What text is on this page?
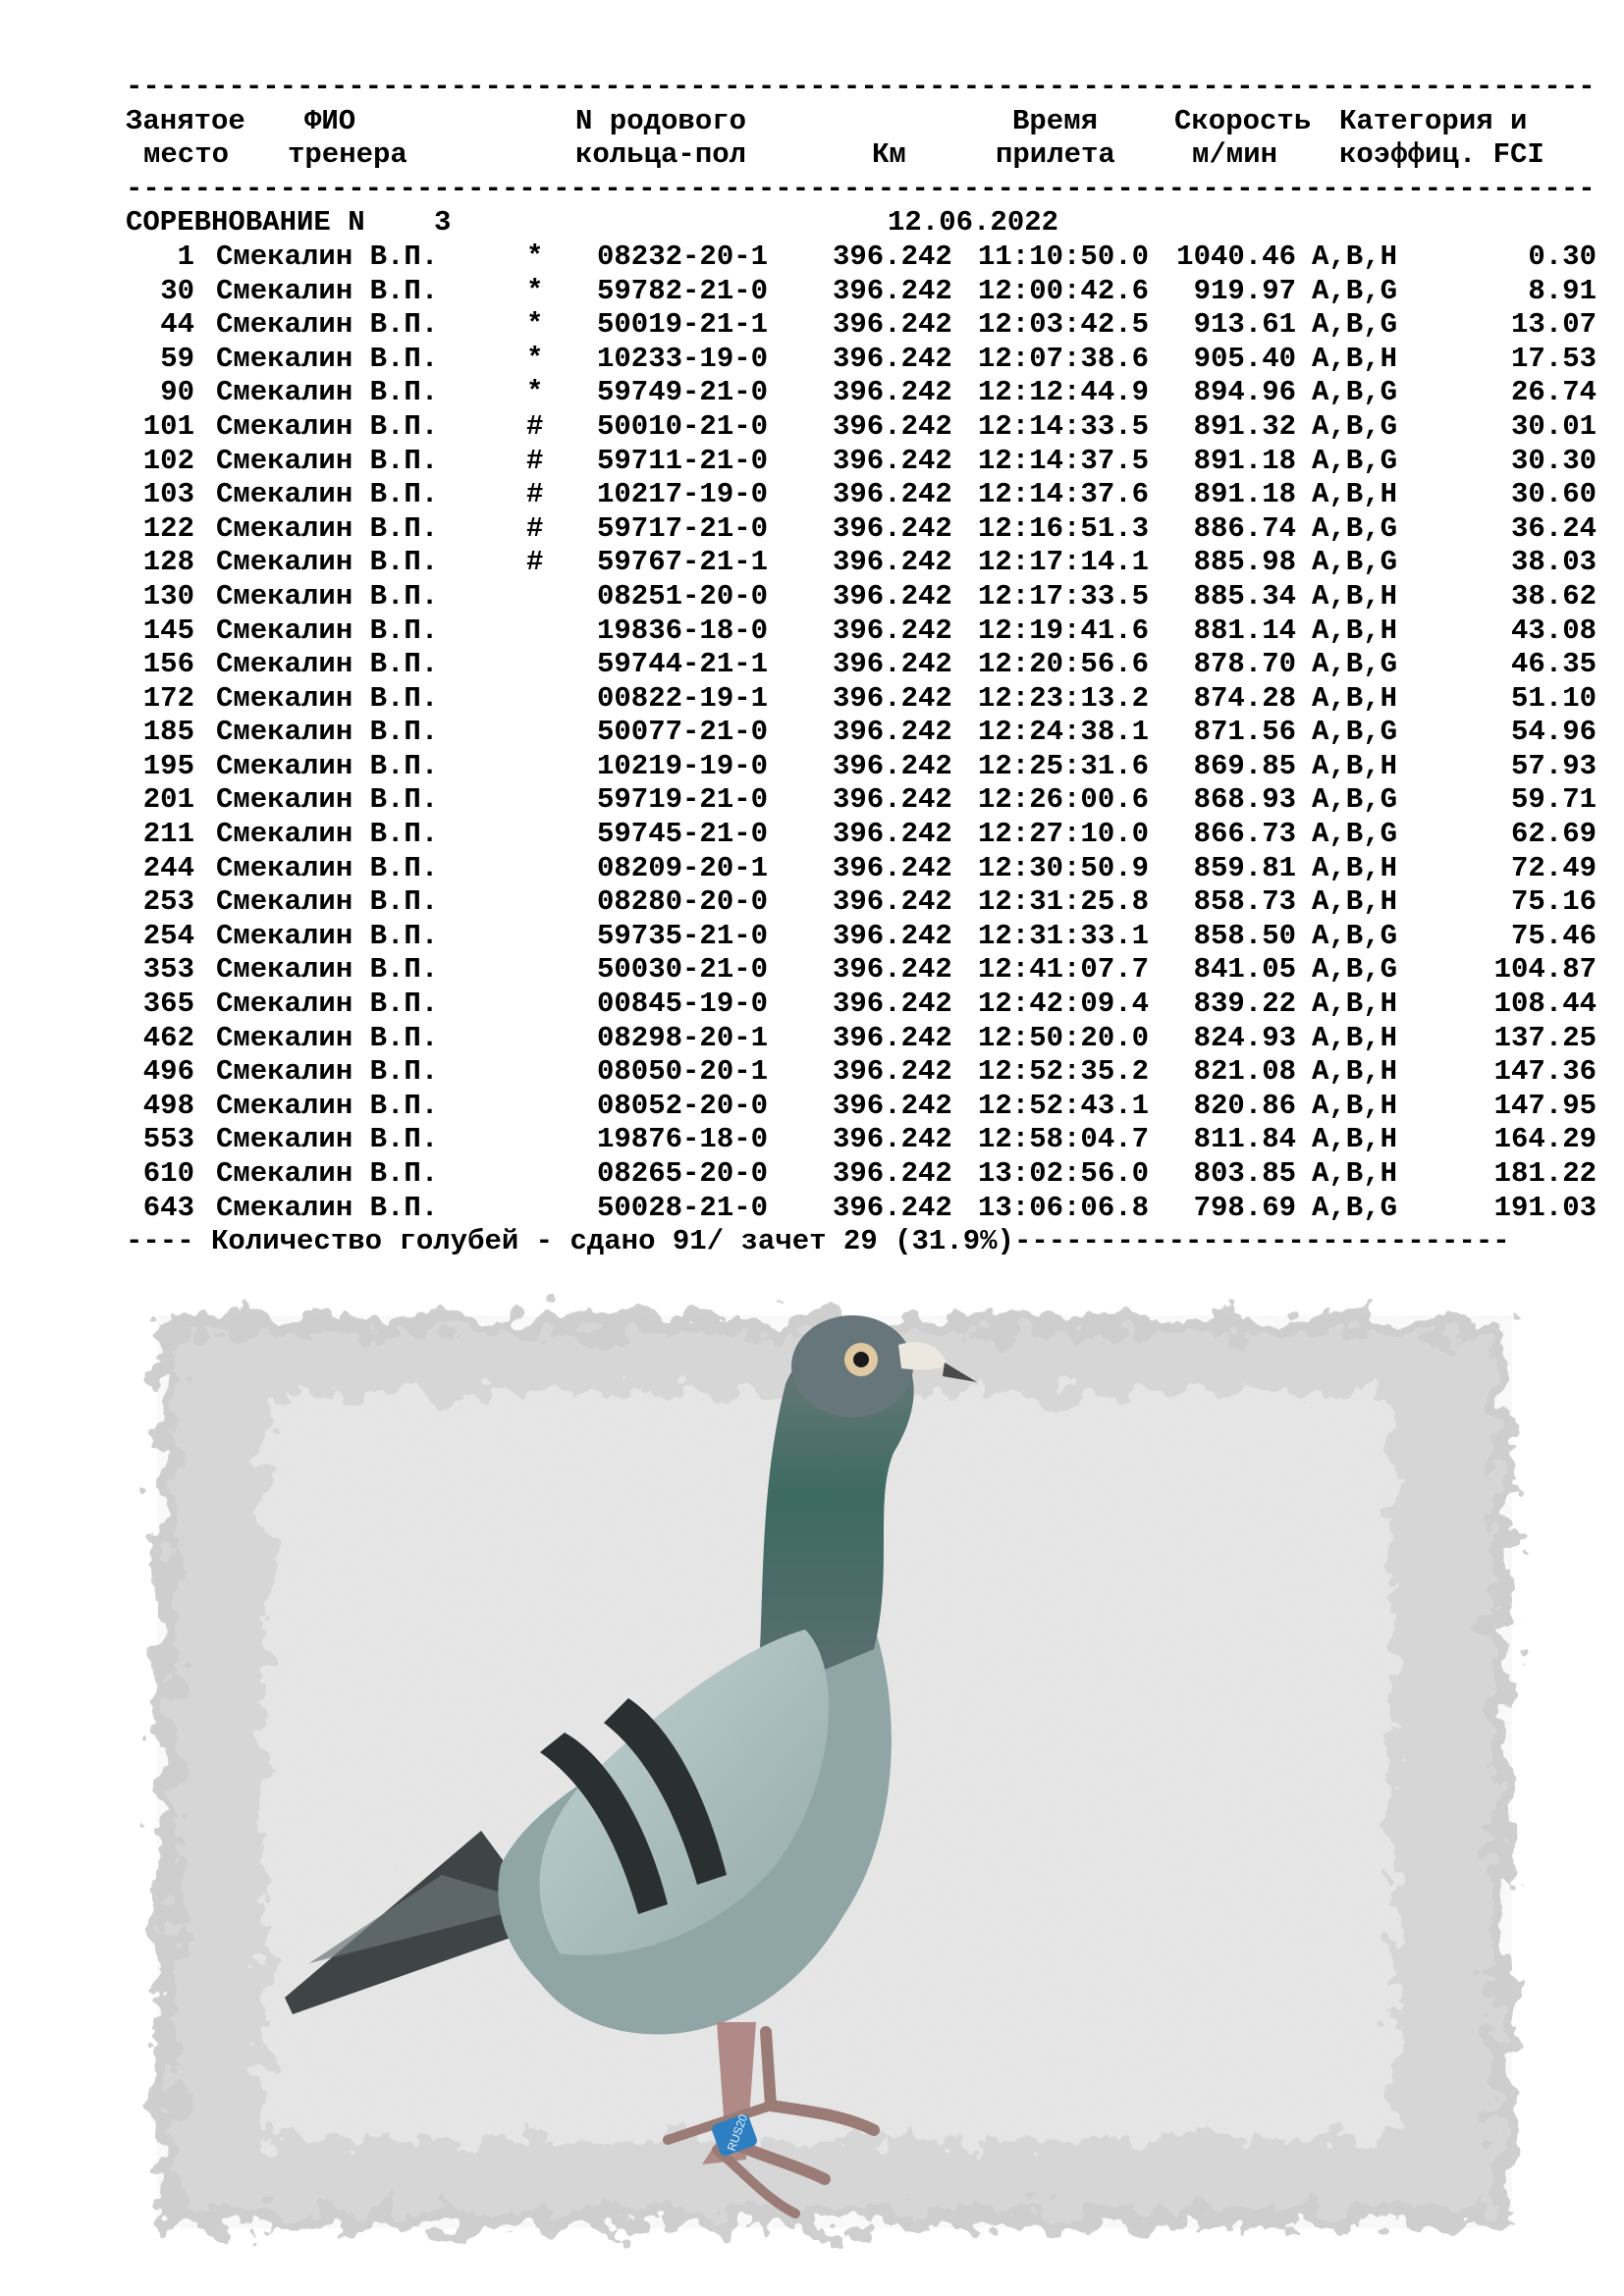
--------------------------------------------------------------------------------------
Занятое ФИО	N родового	Время	Скорость Категория и
место тренера	кольца-пол	Км	прилета	м/мин коэффиц. FCI
--------------------------------------------------------------------------------------
СОРЕВНОВАНИЕ N 3	12.06.2022
1 Смекалин В.П.	* 08232-20-1 396.242 11:10:50.0 1040.46 A,B,H	0.30
30 Смекалин В.П.	* 59782-21-0 396.242 12:00:42.6 919.97 A,B,G	8.91
44 Смекалин В.П.	* 50019-21-1 396.242 12:03:42.5 913.61 A,B,G	13.07
59 Смекалин В.П.	* 10233-19-0 396.242 12:07:38.6 905.40 A,B,H	17.53
90 Смекалин В.П.	* 59749-21-0 396.242 12:12:44.9 894.96 A,B,G	26.74
101 Смекалин В.П.	# 50010-21-0 396.242 12:14:33.5 891.32 A,B,G	30.01
102 Смекалин В.П.	# 59711-21-0 396.242 12:14:37.5 891.18 A,B,G	30.30
103 Смекалин В.П.	# 10217-19-0 396.242 12:14:37.6 891.18 A,B,H	30.60
122 Смекалин В.П.	# 59717-21-0 396.242 12:16:51.3 886.74 A,B,G	36.24
128 Смекалин В.П.	# 59767-21-1 396.242 12:17:14.1 885.98 A,B,G	38.03
130 Смекалин В.П.	08251-20-0 396.242 12:17:33.5 885.34 A,B,H	38.62
145 Смекалин В.П.	19836-18-0 396.242 12:19:41.6 881.14 A,B,H	43.08
156 Смекалин В.П.	59744-21-1 396.242 12:20:56.6 878.70 A,B,G	46.35
172 Смекалин В.П.	00822-19-1 396.242 12:23:13.2 874.28 A,B,H	51.10
185 Смекалин В.П.	50077-21-0 396.242 12:24:38.1 871.56 A,B,G	54.96
195 Смекалин В.П.	10219-19-0 396.242 12:25:31.6 869.85 A,B,H	57.93
201 Смекалин В.П.	59719-21-0 396.242 12:26:00.6 868.93 A,B,G	59.71
211 Смекалин В.П.	59745-21-0 396.242 12:27:10.0 866.73 A,B,G	62.69
244 Смекалин В.П.	08209-20-1 396.242 12:30:50.9 859.81 A,B,H	72.49
253 Смекалин В.П.	08280-20-0 396.242 12:31:25.8 858.73 A,B,H	75.16
254 Смекалин В.П.	59735-21-0 396.242 12:31:33.1 858.50 A,B,G	75.46
353 Смекалин В.П.	50030-21-0 396.242 12:41:07.7 841.05 A,B,G	104.87
365 Смекалин В.П.	00845-19-0 396.242 12:42:09.4 839.22 A,B,H	108.44
462 Смекалин В.П.	08298-20-1 396.242 12:50:20.0 824.93 A,B,H	137.25
496 Смекалин В.П.	08050-20-1 396.242 12:52:35.2 821.08 A,B,H	147.36
498 Смекалин В.П.	08052-20-0 396.242 12:52:43.1 820.86 A,B,H	147.95
553 Смекалин В.П.	19876-18-0 396.242 12:58:04.7 811.84 A,B,H	164.29
610 Смекалин В.П.	08265-20-0 396.242 13:02:56.0 803.85 A,B,H	181.22
643 Смекалин В.П.	50028-21-0 396.242 13:06:06.8 798.69 A,B,G	191.03
---- Количество голубей - сдано 91/ зачет 29 (31.9%)-----------------------------
RUS20
